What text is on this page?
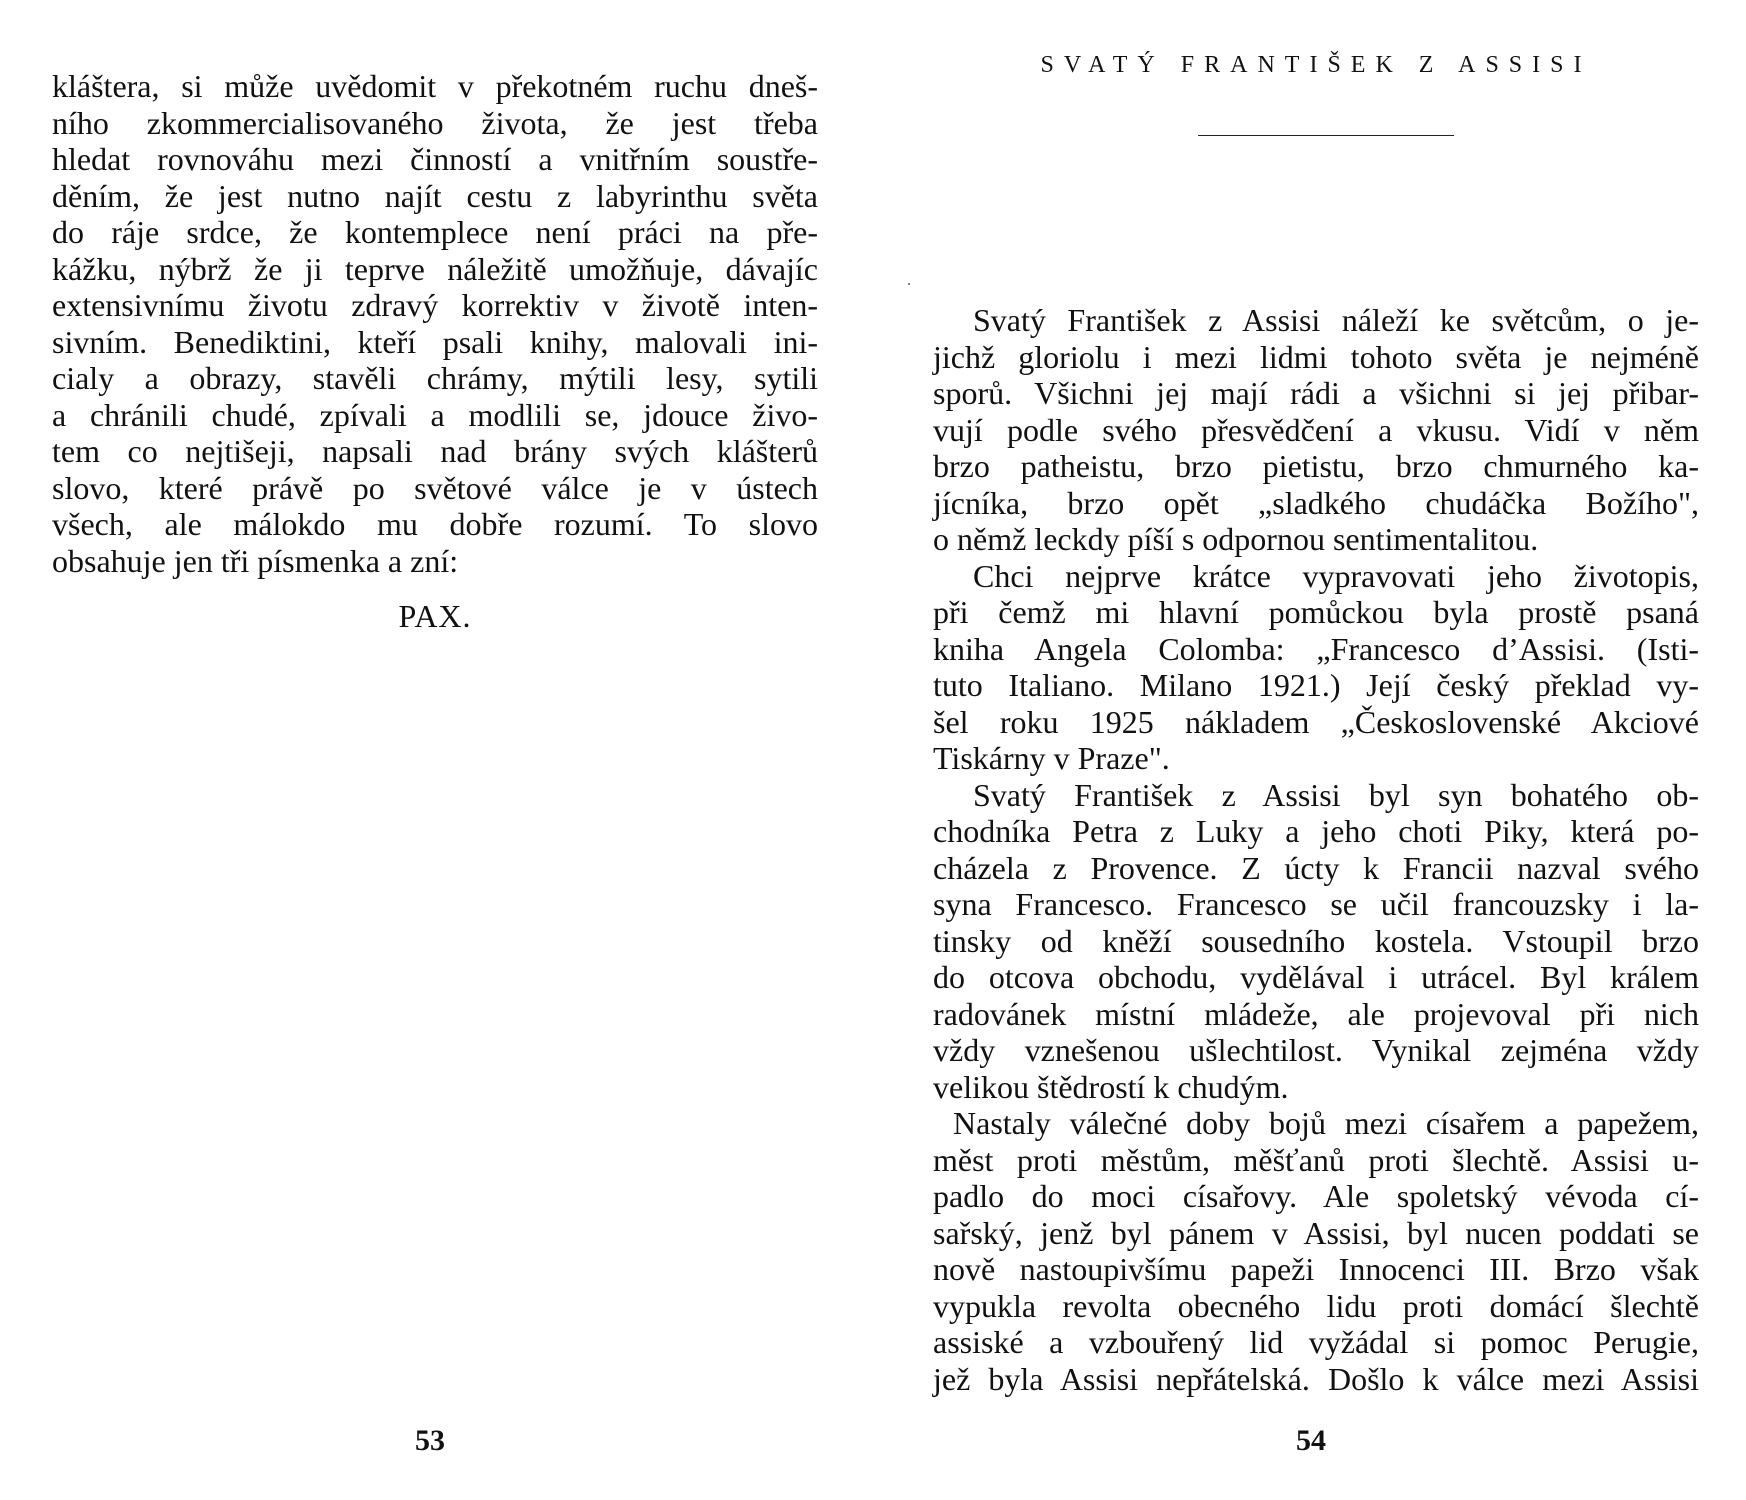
kláštera, si může uvědomit v překotném ruchu dneš-
ního zkommercialisovaného života, že jest třeba
hledat rovnováhu mezi činností a vnitřním soustře-
děním, že jest nutno najít cestu z labyrinthu světa
do ráje srdce, že kontemplece není práci na pře-
kážku, nýbrž že ji teprve náležitě umožňuje, dávajíc
extensivnímu životu zdravý korrektiv v životě inten-
sivním. Benediktini, kteří psali knihy, malovali ini-
cialy a obrazy, stavěli chrámy, mýtili lesy, sytili
a chránili chudé, zpívali a modlili se, jdouce živo-
tem co nejtišeji, napsali nad brány svých klášterů
slovo, které právě po světové válce je v ústech
všech, ale málokdo mu dobře rozumí. To slovo
obsahuje jen tři písmenka a zní:
PAX.
53
SVATÝ FRANTIŠEK Z ASSISI
Svatý František z Assisi náleží ke světcům, o je-
jichž gloriolu i mezi lidmi tohoto světa je nejméně
sporů. Všichni jej mají rádi a všichni si jej přibar-
vují podle svého přesvědčení a vkusu. Vidí v něm
brzo patheistu, brzo pietistu, brzo chmurného ka-
jícníka, brzo opět „sladkého chudáčka Božího",
o němž leckdy píší s odpornou sentimentalitou.
Chci nejprve krátce vypravovati jeho životopis,
při čemž mi hlavní pomůckou byla prostě psaná
kniha Angela Colomba: „Francesco d’Assisi. (Isti-
tuto Italiano. Milano 1921.) Její český překlad vy-
šel roku 1925 nákladem „Československé Akciové
Tiskárny v Praze".
Svatý František z Assisi byl syn bohatého ob-
chodníka Petra z Luky a jeho choti Piky, která po-
cházela z Provence. Z úcty k Francii nazval svého
syna Francesco. Francesco se učil francouzsky i la-
tinsky od kněží sousedního kostela. Vstoupil brzo
do otcova obchodu, vydělával i utrácel. Byl králem
radovánek místní mládeže, ale projevoval při nich
vždy vznešenou ušlechtilost. Vynikal zejména vždy
velikou štědrostí k chudým.
Nastaly válečné doby bojů mezi císařem a papežem,
měst proti městům, měšťanů proti šlechtě. Assisi u-
padlo do moci císařovy. Ale spoletský vévoda cí-
sařský, jenž byl pánem v Assisi, byl nucen poddati se
nově nastoupivšímu papeži Innocenci III. Brzo však
vypukla revolta obecného lidu proti domácí šlechtě
assiské a vzbouřený lid vyžádal si pomoc Perugie,
jež byla Assisi nepřátelská. Došlo k válce mezi Assisi
54
